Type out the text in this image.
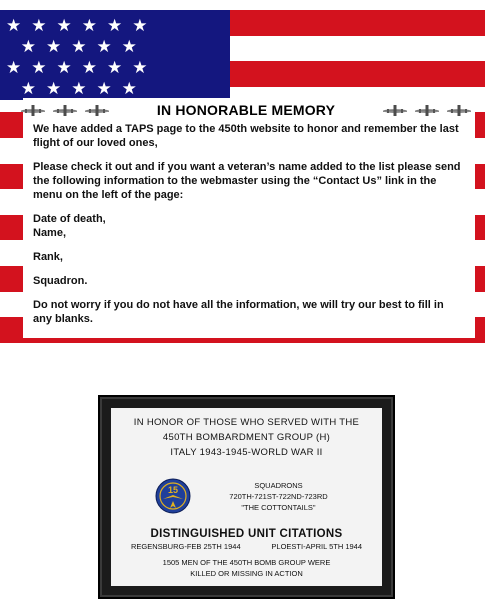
★★★★★★
★★★★★
★★★★★★
★★★★★
IN HONORABLE MEMORY

We have added a TAPS page to the 450th website to honor and remember the last flight of our loved ones,

Please check it out and if you want a veteran’s name added to the list please send the following information to the webmaster using the “Contact Us” link in the menu on the left of the page:

Date of death,

Name,

Rank,

Squadron.

Do not worry if you do not have all the information, we will try our best to fill in any blanks.

IN HONOR OF THOSE WHO SERVED WITH THE
450TH BOMBARDMENT GROUP (H)
ITALY 1943-1945-WORLD WAR II
15	SQUADRONS
720TH-721ST-722ND-723RD
"THE COTTONTAILS"
DISTINGUISHED UNIT CITATIONS
REGENSBURG-FEB 25TH 1944	PLOESTI-APRIL 5TH 1944
1505 MEN OF THE 450TH BOMB GROUP WERE
KILLED OR MISSING IN ACTION
